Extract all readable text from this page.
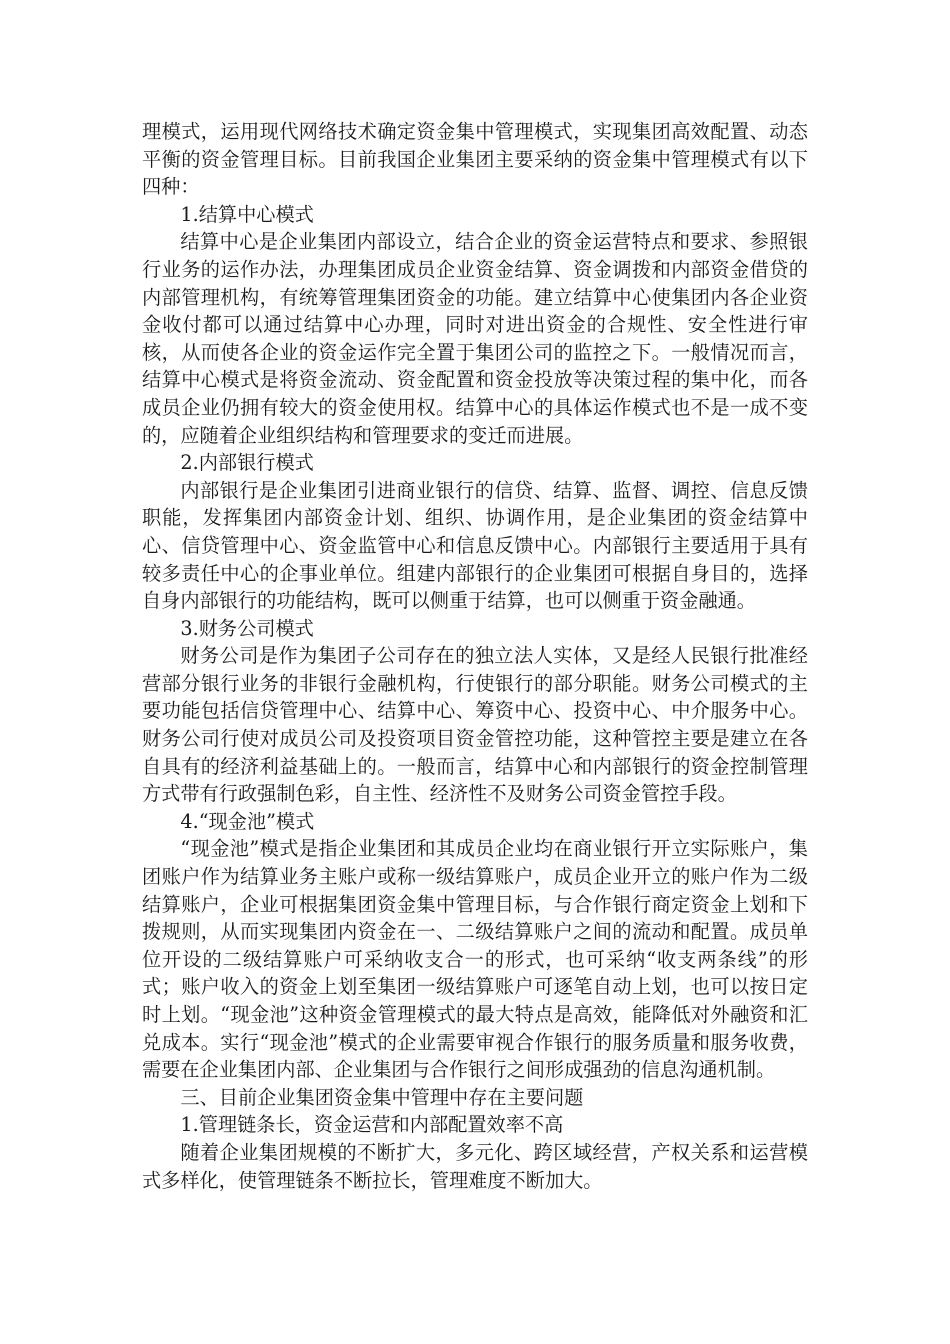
理模式，运用现代网络技术确定资金集中管理模式，实现集团高效配置、动态平衡的资金管理目标。目前我国企业集团主要采纳的资金集中管理模式有以下四种：

1.结算中心模式

结算中心是企业集团内部设立，结合企业的资金运营特点和要求、参照银行业务的运作办法，办理集团成员企业资金结算、资金调拨和内部资金借贷的内部管理机构，有统筹管理集团资金的功能。建立结算中心使集团内各企业资金收付都可以通过结算中心办理，同时对进出资金的合规性、安全性进行审核，从而使各企业的资金运作完全置于集团公司的监控之下。一般情况而言，结算中心模式是将资金流动、资金配置和资金投放等决策过程的集中化，而各成员企业仍拥有较大的资金使用权。结算中心的具体运作模式也不是一成不变的，应随着企业组织结构和管理要求的变迁而进展。

2.内部银行模式

内部银行是企业集团引进商业银行的信贷、结算、监督、调控、信息反馈职能，发挥集团内部资金计划、组织、协调作用，是企业集团的资金结算中心、信贷管理中心、资金监管中心和信息反馈中心。内部银行主要适用于具有较多责任中心的企事业单位。组建内部银行的企业集团可根据自身目的，选择自身内部银行的功能结构，既可以侧重于结算，也可以侧重于资金融通。

3.财务公司模式

财务公司是作为集团子公司存在的独立法人实体，又是经人民银行批准经营部分银行业务的非银行金融机构，行使银行的部分职能。财务公司模式的主要功能包括信贷管理中心、结算中心、筹资中心、投资中心、中介服务中心。财务公司行使对成员公司及投资项目资金管控功能，这种管控主要是建立在各自具有的经济利益基础上的。一般而言，结算中心和内部银行的资金控制管理方式带有行政强制色彩，自主性、经济性不及财务公司资金管控手段。

4.“现金池”模式

“现金池”模式是指企业集团和其成员企业均在商业银行开立实际账户，集团账户作为结算业务主账户或称一级结算账户，成员企业开立的账户作为二级结算账户，企业可根据集团资金集中管理目标，与合作银行商定资金上划和下拨规则，从而实现集团内资金在一、二级结算账户之间的流动和配置。成员单位开设的二级结算账户可采纳收支合一的形式，也可采纳“收支两条线”的形式；账户收入的资金上划至集团一级结算账户可逐笔自动上划，也可以按日定时上划。“现金池”这种资金管理模式的最大特点是高效，能降低对外融资和汇兑成本。实行“现金池”模式的企业需要审视合作银行的服务质量和服务收费，需要在企业集团内部、企业集团与合作银行之间形成强劲的信息沟通机制。

三、目前企业集团资金集中管理中存在主要问题

1.管理链条长，资金运营和内部配置效率不高

随着企业集团规模的不断扩大，多元化、跨区域经营，产权关系和运营模式多样化，使管理链条不断拉长，管理难度不断加大。
